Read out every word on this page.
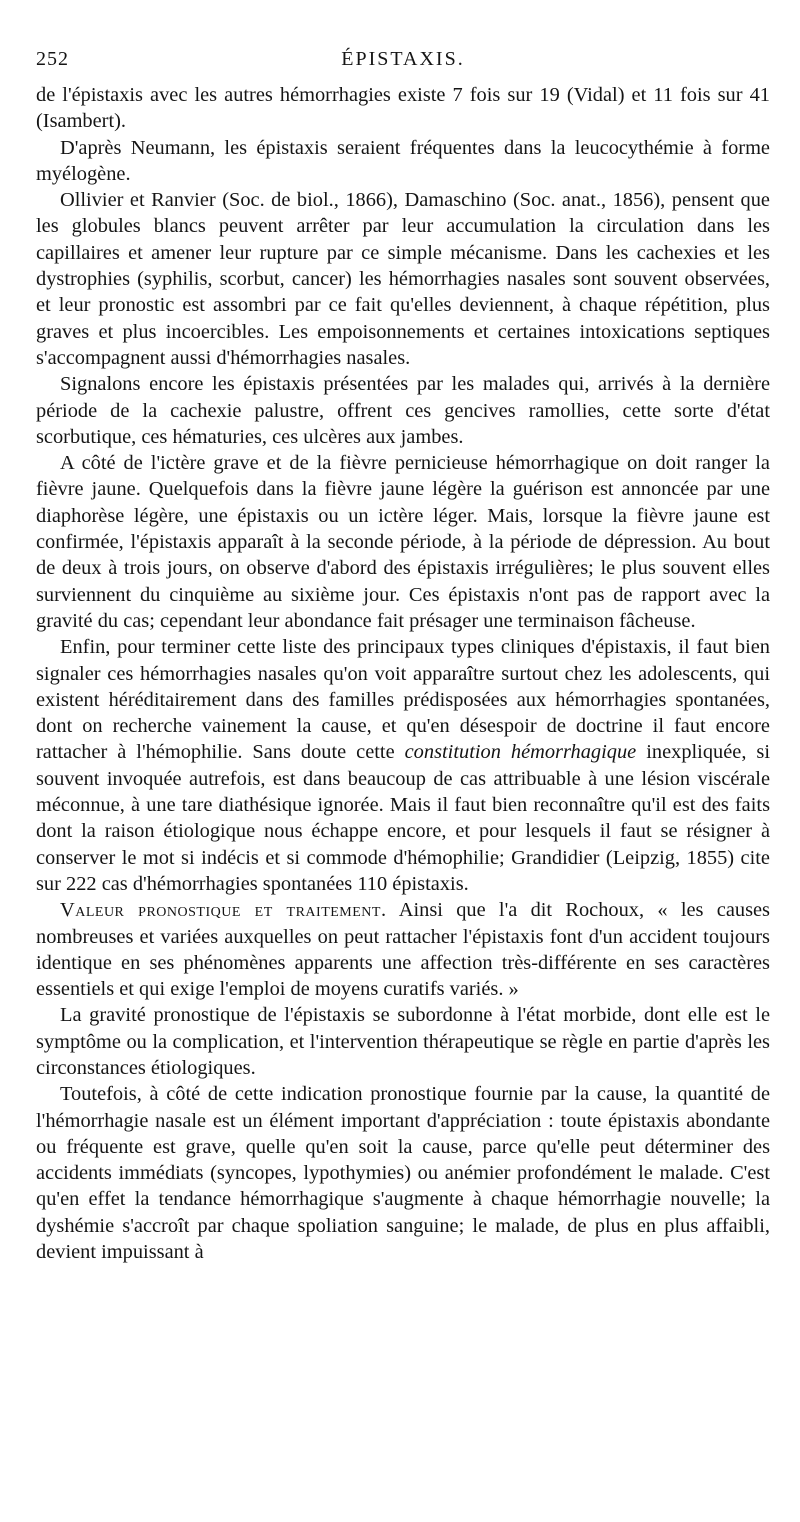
252	ÉPISTAXIS.

de l'épistaxis avec les autres hémorrhagies existe 7 fois sur 19 (Vidal) et 11 fois sur 41 (Isambert).

D'après Neumann, les épistaxis seraient fréquentes dans la leucocythémie à forme myélogène.

Ollivier et Ranvier (Soc. de biol., 1866), Damaschino (Soc. anat., 1856), pensent que les globules blancs peuvent arrêter par leur accumulation la circulation dans les capillaires et amener leur rupture par ce simple mécanisme. Dans les cachexies et les dystrophies (syphilis, scorbut, cancer) les hémorrhagies nasales sont souvent observées, et leur pronostic est assombri par ce fait qu'elles deviennent, à chaque répétition, plus graves et plus incoercibles. Les empoisonnements et certaines intoxications septiques s'accompagnent aussi d'hémorrhagies nasales.

Signalons encore les épistaxis présentées par les malades qui, arrivés à la dernière période de la cachexie palustre, offrent ces gencives ramollies, cette sorte d'état scorbutique, ces hématuries, ces ulcères aux jambes.

A côté de l'ictère grave et de la fièvre pernicieuse hémorrhagique on doit ranger la fièvre jaune. Quelquefois dans la fièvre jaune légère la guérison est annoncée par une diaphorèse légère, une épistaxis ou un ictère léger. Mais, lorsque la fièvre jaune est confirmée, l'épistaxis apparaît à la seconde période, à la période de dépression. Au bout de deux à trois jours, on observe d'abord des épistaxis irrégulières; le plus souvent elles surviennent du cinquième au sixième jour. Ces épistaxis n'ont pas de rapport avec la gravité du cas; cependant leur abondance fait présager une terminaison fâcheuse.

Enfin, pour terminer cette liste des principaux types cliniques d'épistaxis, il faut bien signaler ces hémorrhagies nasales qu'on voit apparaître surtout chez les adolescents, qui existent héréditairement dans des familles prédisposées aux hémorrhagies spontanées, dont on recherche vainement la cause, et qu'en désespoir de doctrine il faut encore rattacher à l'hémophilie. Sans doute cette constitution hémorrhagique inexpliquée, si souvent invoquée autrefois, est dans beaucoup de cas attribuable à une lésion viscérale méconnue, à une tare diathésique ignorée. Mais il faut bien reconnaître qu'il est des faits dont la raison étiologique nous échappe encore, et pour lesquels il faut se résigner à conserver le mot si indécis et si commode d'hémophilie; Grandidier (Leipzig, 1855) cite sur 222 cas d'hémorrhagies spontanées 110 épistaxis.

Valeur pronostique et traitement. Ainsi que l'a dit Rochoux, « les causes nombreuses et variées auxquelles on peut rattacher l'épistaxis font d'un accident toujours identique en ses phénomènes apparents une affection très-différente en ses caractères essentiels et qui exige l'emploi de moyens curatifs variés. »

La gravité pronostique de l'épistaxis se subordonne à l'état morbide, dont elle est le symptôme ou la complication, et l'intervention thérapeutique se règle en partie d'après les circonstances étiologiques.

Toutefois, à côté de cette indication pronostique fournie par la cause, la quantité de l'hémorrhagie nasale est un élément important d'appréciation : toute épistaxis abondante ou fréquente est grave, quelle qu'en soit la cause, parce qu'elle peut déterminer des accidents immédiats (syncopes, lypothymies) ou anémier profondément le malade. C'est qu'en effet la tendance hémorrhagique s'augmente à chaque hémorrhagie nouvelle; la dyshémie s'accroît par chaque spoliation sanguine; le malade, de plus en plus affaibli, devient impuissant à
